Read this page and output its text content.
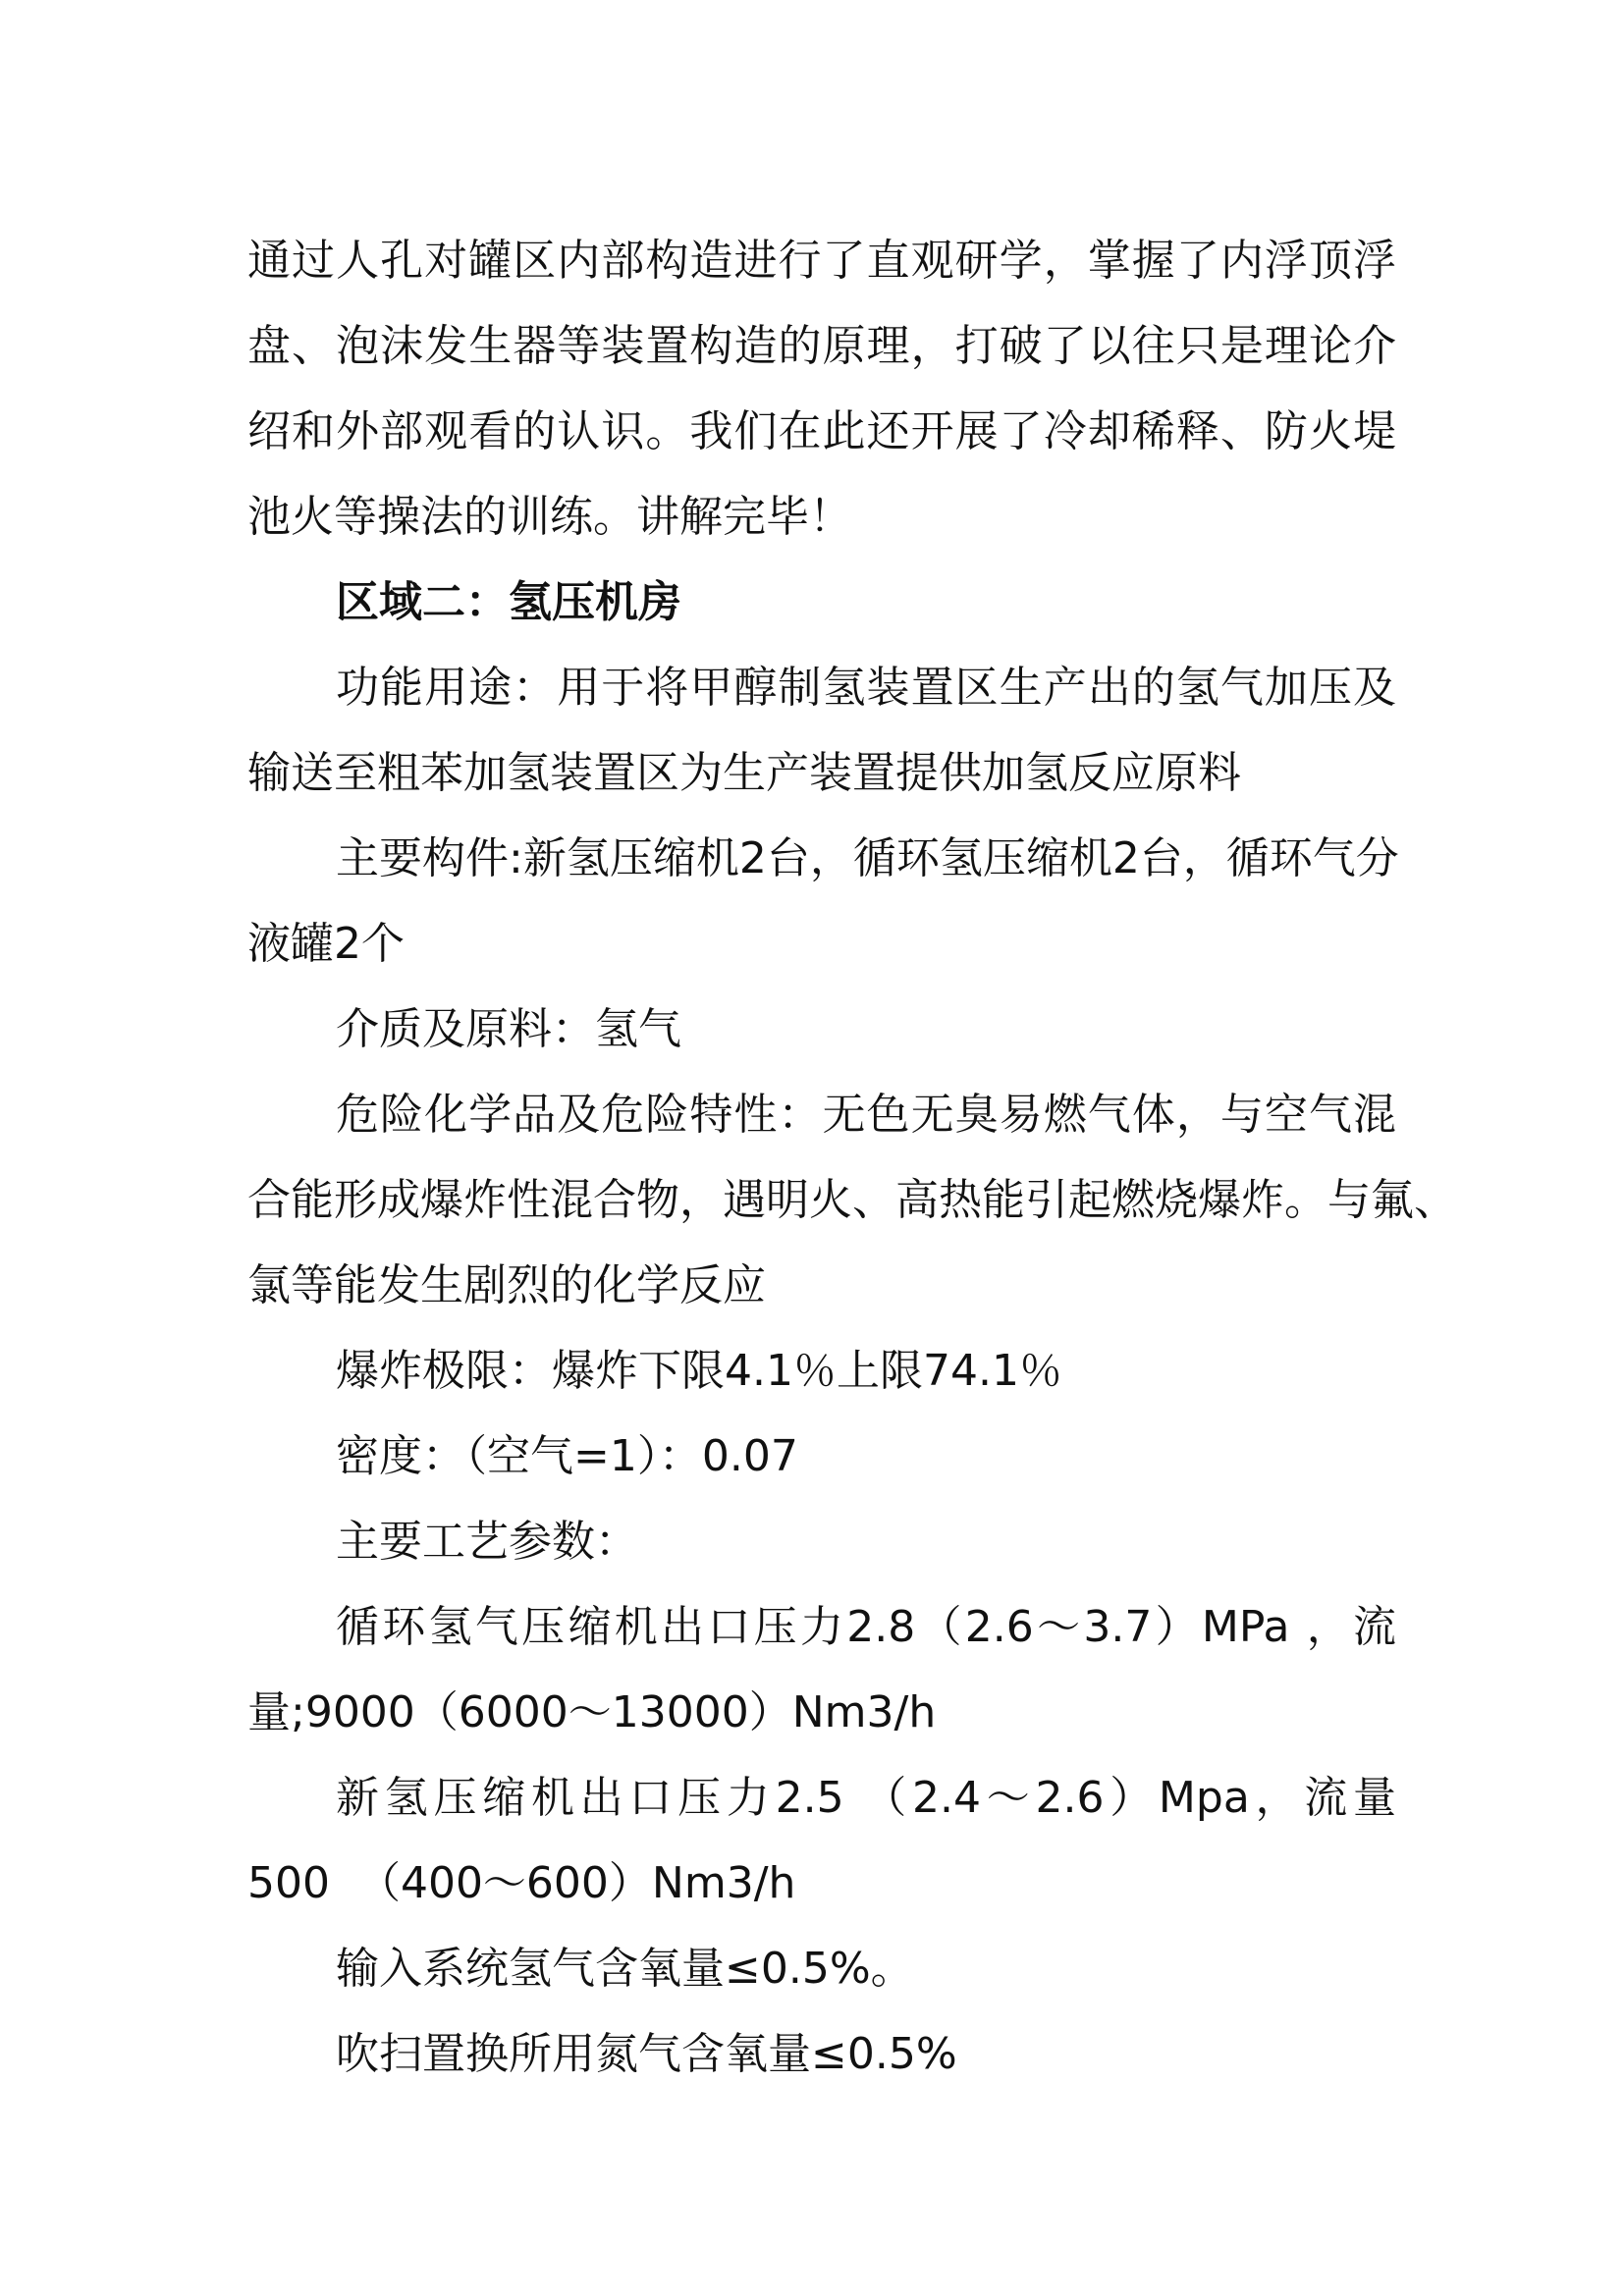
通过人孔对罐区内部构造进行了直观研学，掌握了内浮顶浮
盘、泡沫发生器等装置构造的原理，打破了以往只是理论介
绍和外部观看的认识。我们在此还开展了冷却稀释、防火堤
池火等操法的训练。讲解完毕！
区域二：氢压机房
功能用途：用于将甲醇制氢装置区生产出的氢气加压及
输送至粗苯加氢装置区为生产装置提供加氢反应原料
主要构件:新氢压缩机2台，循环氢压缩机2台，循环气分
液罐2个
介质及原料：氢气
危险化学品及危险特性：无色无臭易燃气体，与空气混
合能形成爆炸性混合物，遇明火、高热能引起燃烧爆炸。与氟、
氯等能发生剧烈的化学反应
爆炸极限：爆炸下限4.1％上限74.1％
密度：（空气=1）：0.07
主要工艺参数：
循环氢气压缩机出口压力2.8（2.6～3.7）MPa ，流
量;9000（6000～13000）Nm3/h
新氢压缩机出口压力2.5 （2.4～2.6）Mpa，流量
500  （400～600）Nm3/h
输入系统氢气含氧量≤0.5%。
吹扫置换所用氮气含氧量≤0.5%
